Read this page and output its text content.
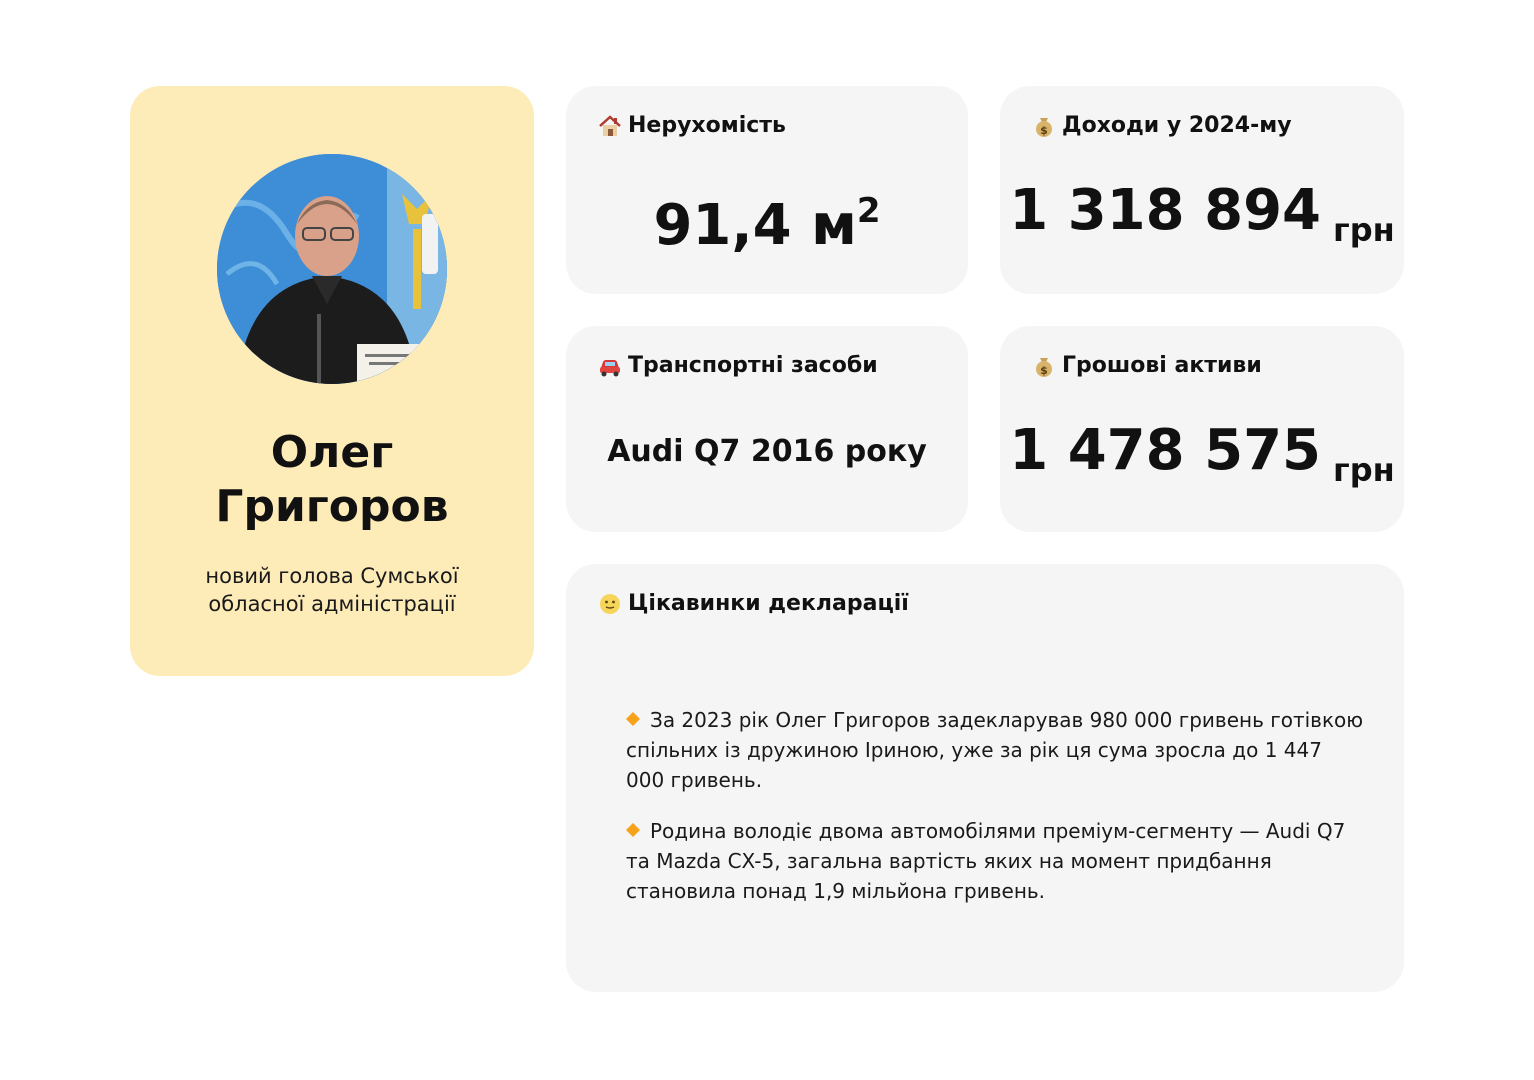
Олег
Григоров
новий голова Сумської обласної адміністрації
Нерухомість
91,4 $м^2$
$ Доходи у 2024-му
1 318 894 $_{грн}$
Транспортні засоби
Audi Q7 2016 року
$ Грошові активи
1 478 575 $_{грн}$
Цікавинки декларації
За 2023 рік Олег Григоров задекларував 980 000 гривень готівкою спільних із дружиною Іриною, уже за рік ця сума зросла до 1 447 000 гривень.
Родина володіє двома автомобілями преміум-сегменту — Audi Q7 та Mazda CX-5, загальна вартість яких на момент придбання становила понад 1,9 мільйона гривень.
